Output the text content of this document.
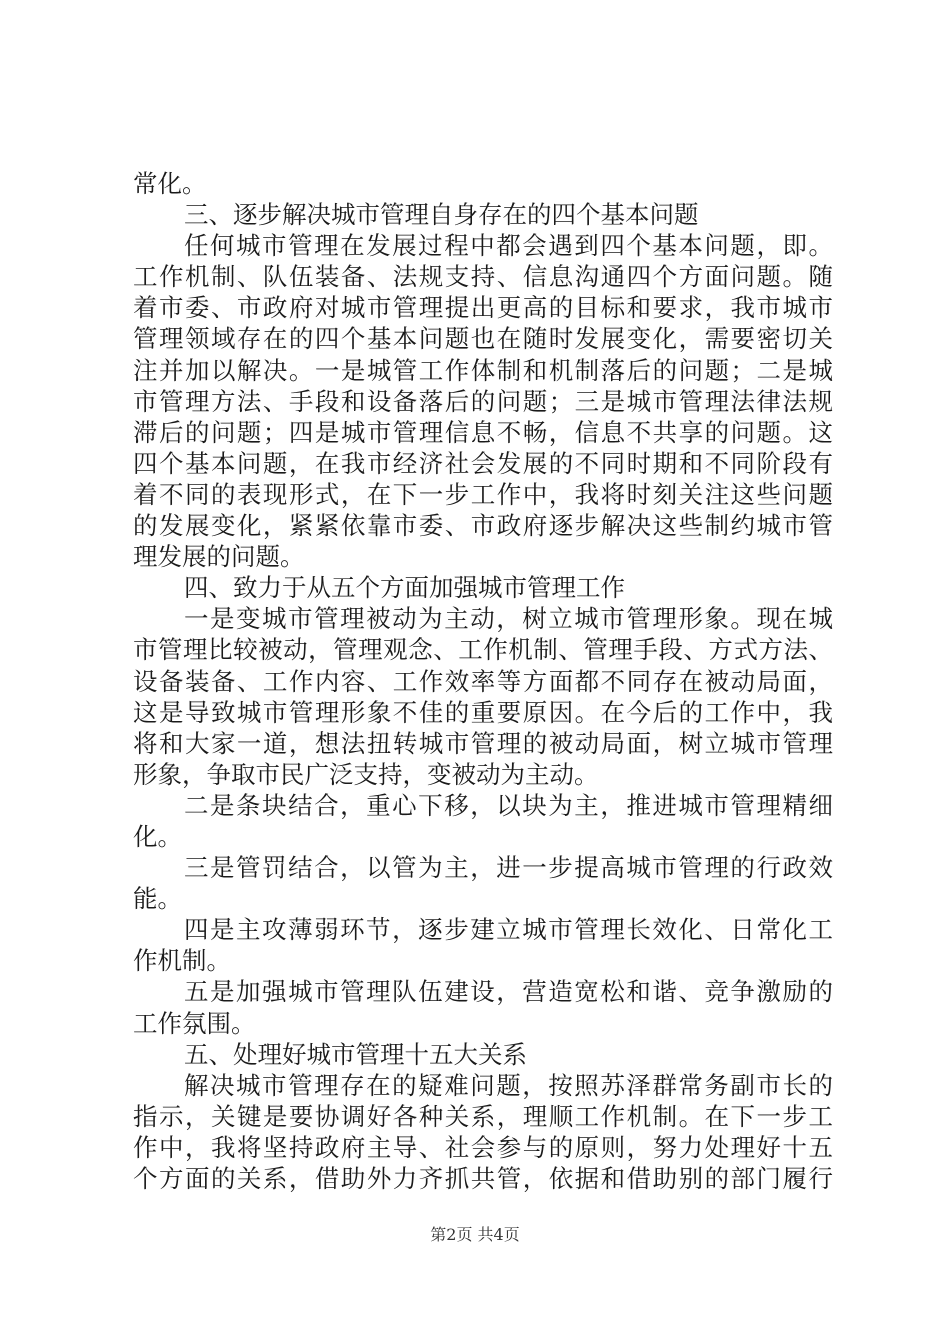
常化。
三、逐步解决城市管理自身存在的四个基本问题
任何城市管理在发展过程中都会遇到四个基本问题，即。
工作机制、队伍装备、法规支持、信息沟通四个方面问题。随
着市委、市政府对城市管理提出更高的目标和要求，我市城市
管理领域存在的四个基本问题也在随时发展变化，需要密切关
注并加以解决。一是城管工作体制和机制落后的问题；二是城
市管理方法、手段和设备落后的问题；三是城市管理法律法规
滞后的问题；四是城市管理信息不畅，信息不共享的问题。这
四个基本问题，在我市经济社会发展的不同时期和不同阶段有
着不同的表现形式，在下一步工作中，我将时刻关注这些问题
的发展变化，紧紧依靠市委、市政府逐步解决这些制约城市管
理发展的问题。
四、致力于从五个方面加强城市管理工作
一是变城市管理被动为主动，树立城市管理形象。现在城
市管理比较被动，管理观念、工作机制、管理手段、方式方法、
设备装备、工作内容、工作效率等方面都不同存在被动局面，
这是导致城市管理形象不佳的重要原因。在今后的工作中，我
将和大家一道，想法扭转城市管理的被动局面，树立城市管理
形象，争取市民广泛支持，变被动为主动。
二是条块结合，重心下移，以块为主，推进城市管理精细
化。
三是管罚结合，以管为主，进一步提高城市管理的行政效
能。
四是主攻薄弱环节，逐步建立城市管理长效化、日常化工
作机制。
五是加强城市管理队伍建设，营造宽松和谐、竞争激励的
工作氛围。
五、处理好城市管理十五大关系
解决城市管理存在的疑难问题，按照苏泽群常务副市长的
指示，关键是要协调好各种关系，理顺工作机制。在下一步工
作中，我将坚持政府主导、社会参与的原则，努力处理好十五
个方面的关系，借助外力齐抓共管，依据和借助别的部门履行
第2页 共4页
